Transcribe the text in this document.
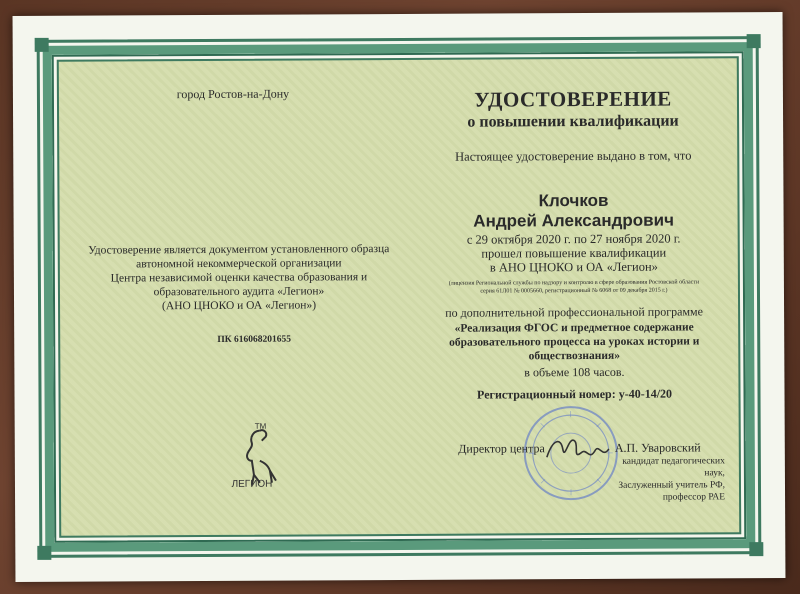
город Ростов-на-Дону
Удостоверение является документом установленного образца
автономной некоммерческой организации
Центра независимой оценки качества образования и
образовательного аудита «Легион»
(АНО ЦНОКО и ОА «Легион»)
ПК 616068201655
TM
ЛЕГИОН
УДОСТОВЕРЕНИЕ
о повышении квалификации
Настоящее удостоверение выдано в том, что
Клочков
Андрей Александрович
с 29 октября 2020 г. по 27 ноября 2020 г.
прошел повышение квалификации
в АНО ЦНОКО и ОА «Легион»
(лицензия Региональной службы по надзору и контролю в сфере образования Ростовской области
серия 61Л01 № 0005660, регистрационный № 6068 от 09 декабря 2015 г.)
по дополнительной профессиональной программе
«Реализация ФГОС и предметное содержание
образовательного процесса на уроках истории и
обществознания»
в объеме 108 часов.
Регистрационный номер: у-40-14/20
Директор центра	А.П. Уваровский
кандидат педагогических наук,
Заслуженный учитель РФ,
профессор РАЕ
